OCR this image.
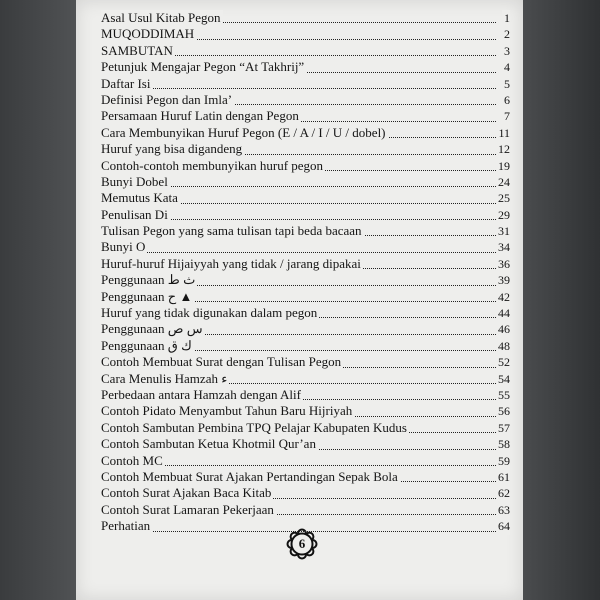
Asal Usul Kitab Pegon	1
MUQODDIMAH	2
SAMBUTAN	3
Petunjuk Mengajar Pegon “At Takhrij”	4
Daftar Isi	5
Definisi Pegon dan Imla’	6
Persamaan Huruf Latin dengan Pegon	7
Cara Membunyikan Huruf Pegon (E / A / I / U / dobel)	11
Huruf yang bisa digandeng	12
Contoh-contoh membunyikan huruf pegon	19
Bunyi Dobel	24
Memutus Kata	25
Penulisan Di	29
Tulisan Pegon yang sama tulisan tapi beda bacaan	31
Bunyi O	34
Huruf-huruf Hijaiyyah yang tidak / jarang dipakai	36
Penggunaan ث ط	39
Penggunaan ح ▲	42
Huruf yang tidak digunakan dalam pegon	44
Penggunaan س ص	46
Penggunaan ك ق	48
Contoh Membuat Surat dengan Tulisan Pegon	52
Cara Menulis Hamzah ء	54
Perbedaan antara Hamzah dengan Alif	55
Contoh Pidato Menyambut Tahun Baru Hijriyah	56
Contoh Sambutan Pembina TPQ Pelajar Kabupaten Kudus	57
Contoh Sambutan Ketua Khotmil Qur’an	58
Contoh MC	59
Contoh Membuat Surat Ajakan Pertandingan Sepak Bola	61
Contoh Surat Ajakan Baca Kitab	62
Contoh Surat Lamaran Pekerjaan	63
Perhatian	64
6
